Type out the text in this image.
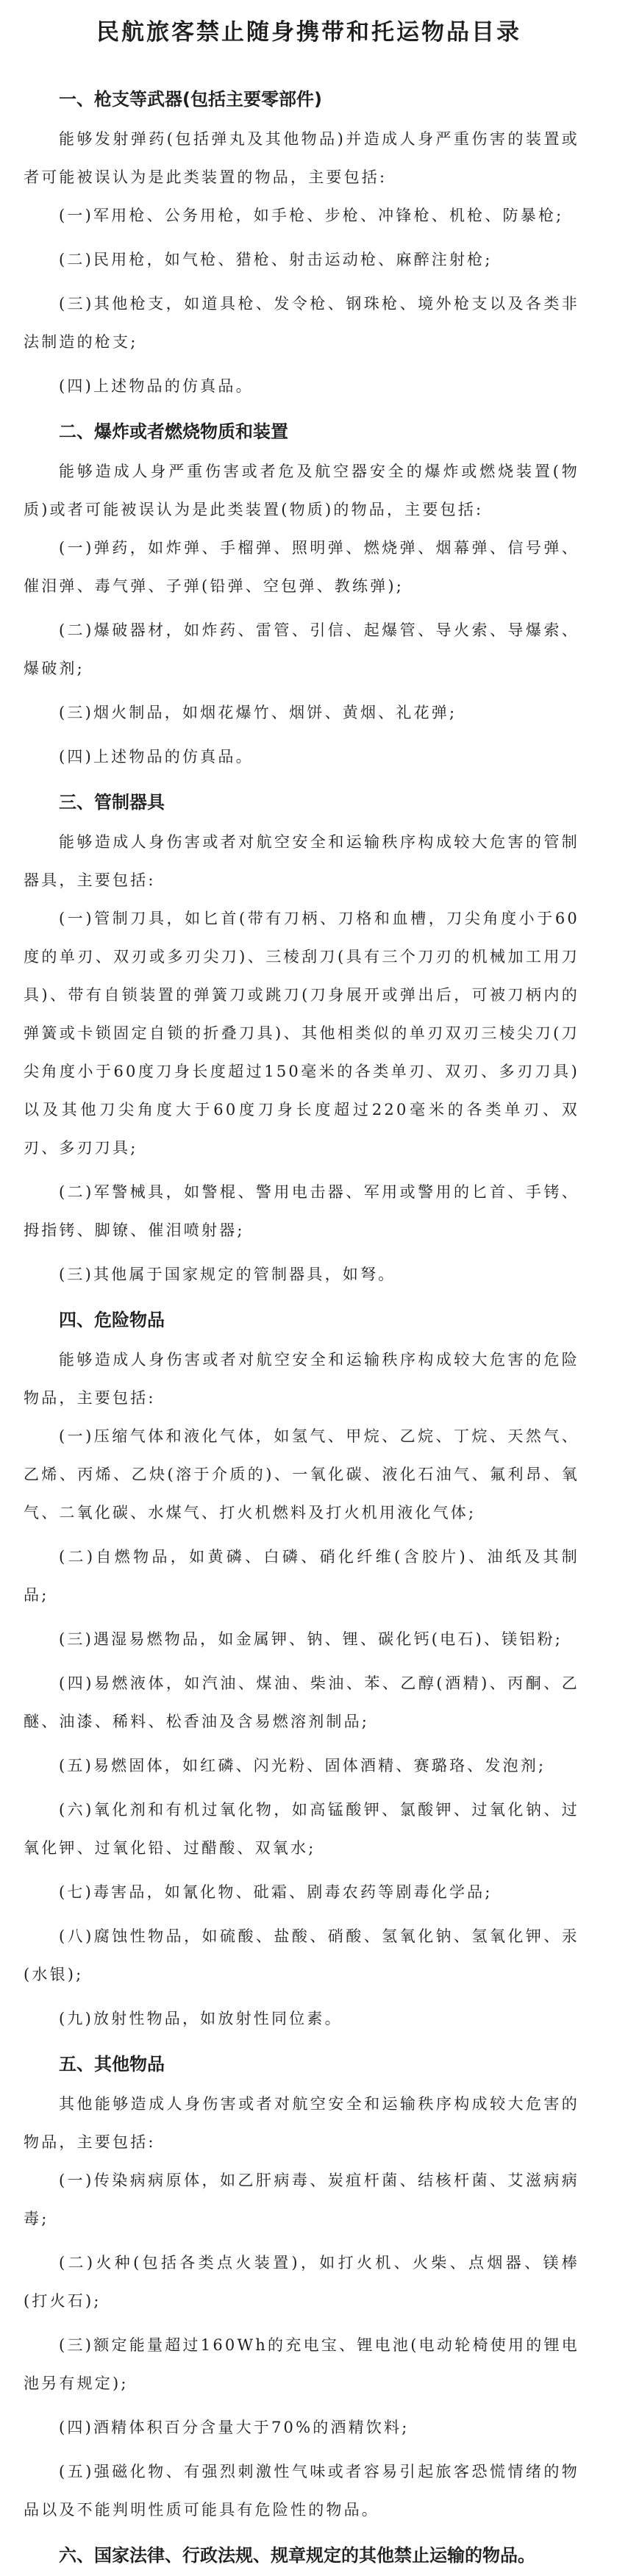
民航旅客禁止随身携带和托运物品目录
一、枪支等武器(包括主要零部件)

能够发射弹药(包括弹丸及其他物品)并造成人身严重伤害的装置或者可能被误认为是此类装置的物品，主要包括:

(一)军用枪、公务用枪，如手枪、步枪、冲锋枪、机枪、防暴枪;

(二)民用枪，如气枪、猎枪、射击运动枪、麻醉注射枪;

(三)其他枪支，如道具枪、发令枪、钢珠枪、境外枪支以及各类非法制造的枪支;

(四)上述物品的仿真品。

二、爆炸或者燃烧物质和装置

能够造成人身严重伤害或者危及航空器安全的爆炸或燃烧装置(物质)或者可能被误认为是此类装置(物质)的物品，主要包括:

(一)弹药，如炸弹、手榴弹、照明弹、燃烧弹、烟幕弹、信号弹、催泪弹、毒气弹、子弹(铅弹、空包弹、教练弹);

(二)爆破器材，如炸药、雷管、引信、起爆管、导火索、导爆索、爆破剂;

(三)烟火制品，如烟花爆竹、烟饼、黄烟、礼花弹;

(四)上述物品的仿真品。

三、管制器具

能够造成人身伤害或者对航空安全和运输秩序构成较大危害的管制器具，主要包括:

(一)管制刀具，如匕首(带有刀柄、刀格和血槽，刀尖角度小于60度的单刃、双刃或多刃尖刀)、三棱刮刀(具有三个刀刃的机械加工用刀具)、带有自锁装置的弹簧刀或跳刀(刀身展开或弹出后，可被刀柄内的弹簧或卡锁固定自锁的折叠刀具)、其他相类似的单刃双刃三棱尖刀(刀尖角度小于60度刀身长度超过150毫米的各类单刃、双刃、多刃刀具)以及其他刀尖角度大于60度刀身长度超过220毫米的各类单刃、双刃、多刃刀具;

(二)军警械具，如警棍、警用电击器、军用或警用的匕首、手铐、拇指铐、脚镣、催泪喷射器;

(三)其他属于国家规定的管制器具，如弩。

四、危险物品

能够造成人身伤害或者对航空安全和运输秩序构成较大危害的危险物品，主要包括:

(一)压缩气体和液化气体，如氢气、甲烷、乙烷、丁烷、天然气、乙烯、丙烯、乙炔(溶于介质的)、一氧化碳、液化石油气、氟利昂、氧气、二氧化碳、水煤气、打火机燃料及打火机用液化气体;

(二)自燃物品，如黄磷、白磷、硝化纤维(含胶片)、油纸及其制品;

(三)遇湿易燃物品，如金属钾、钠、锂、碳化钙(电石)、镁铝粉;

(四)易燃液体，如汽油、煤油、柴油、苯、乙醇(酒精)、丙酮、乙醚、油漆、稀料、松香油及含易燃溶剂制品;

(五)易燃固体，如红磷、闪光粉、固体酒精、赛璐珞、发泡剂;

(六)氧化剂和有机过氧化物，如高锰酸钾、氯酸钾、过氧化钠、过氧化钾、过氧化铅、过醋酸、双氧水;

(七)毒害品，如氰化物、砒霜、剧毒农药等剧毒化学品;

(八)腐蚀性物品，如硫酸、盐酸、硝酸、氢氧化钠、氢氧化钾、汞(水银);

(九)放射性物品，如放射性同位素。

五、其他物品

其他能够造成人身伤害或者对航空安全和运输秩序构成较大危害的物品，主要包括:

(一)传染病病原体，如乙肝病毒、炭疽杆菌、结核杆菌、艾滋病病毒;

(二)火种(包括各类点火装置)，如打火机、火柴、点烟器、镁棒(打火石);

(三)额定能量超过160Wh的充电宝、锂电池(电动轮椅使用的锂电池另有规定);

(四)酒精体积百分含量大于70%的酒精饮料;

(五)强磁化物、有强烈刺激性气味或者容易引起旅客恐慌情绪的物品以及不能判明性质可能具有危险性的物品。

六、国家法律、行政法规、规章规定的其他禁止运输的物品。
